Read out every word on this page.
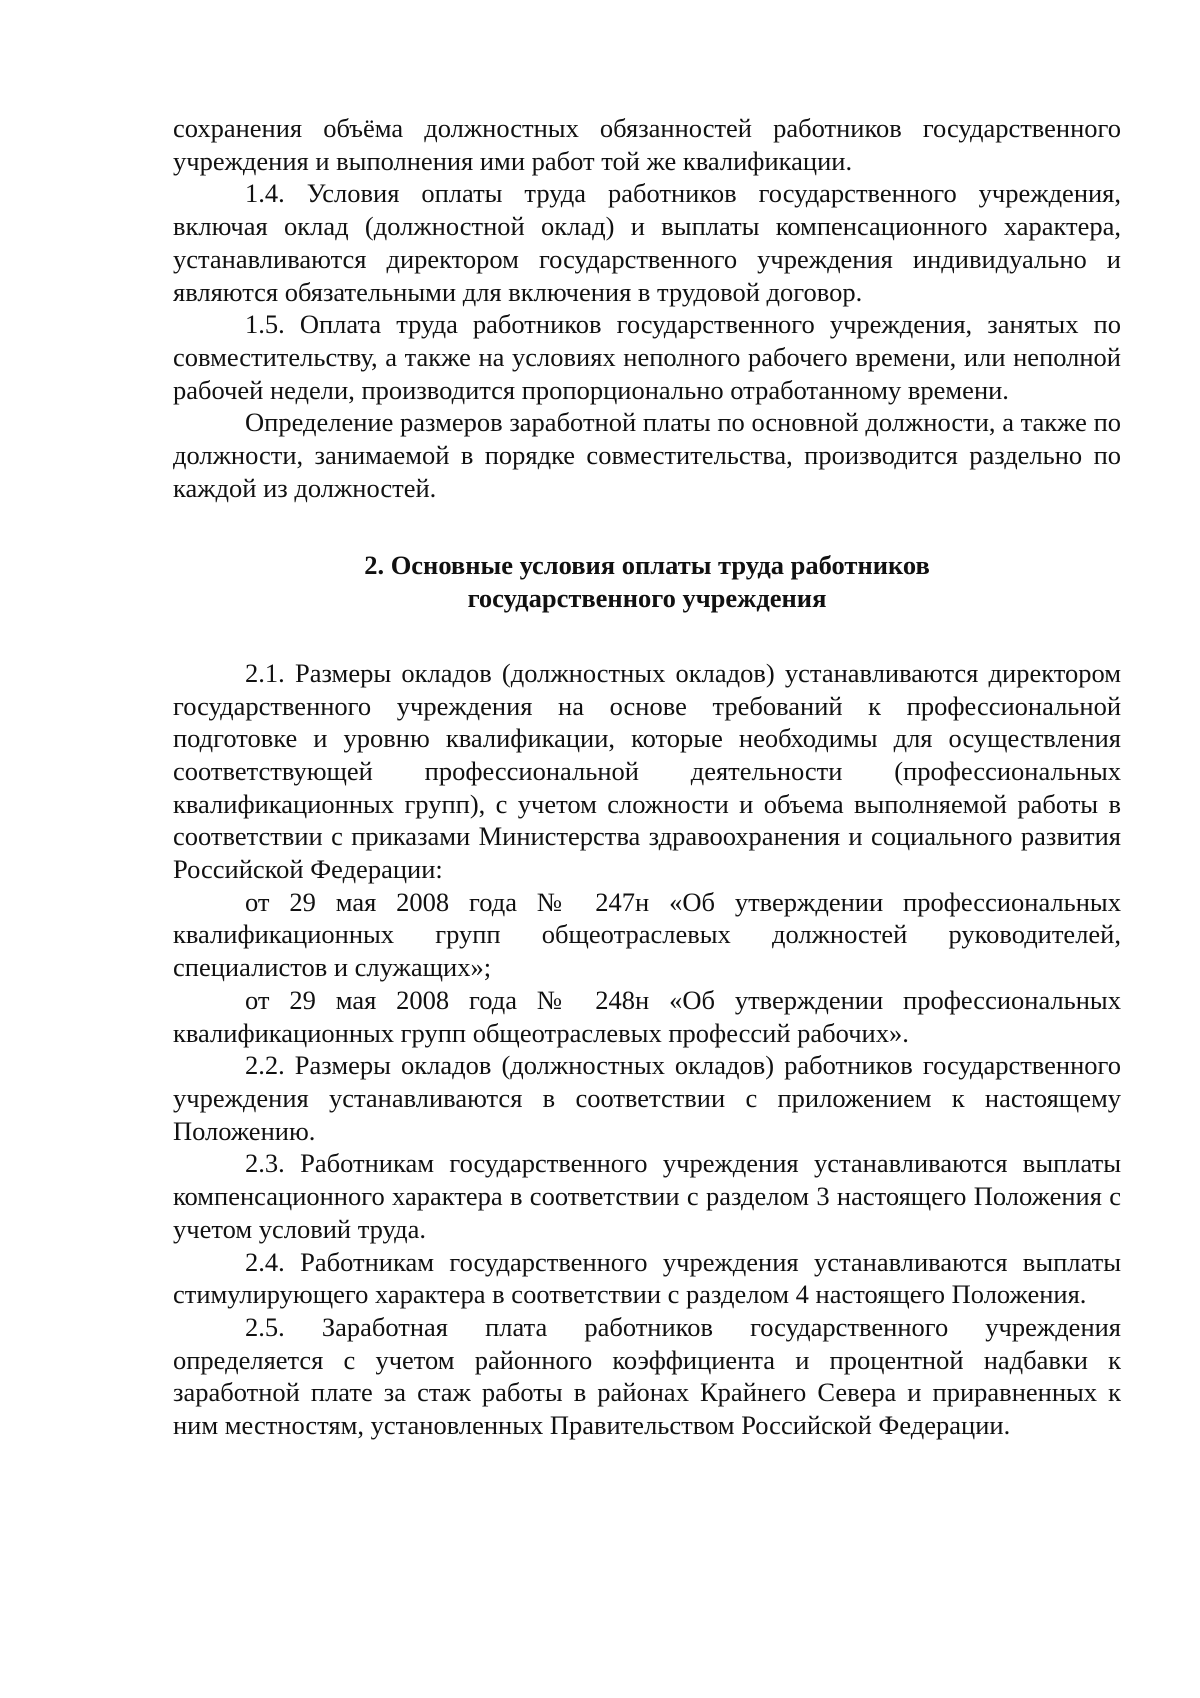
сохранения объёма должностных обязанностей работников государственного учреждения и выполнения ими работ той же квалификации.

1.4. Условия оплаты труда работников государственного учреждения, включая оклад (должностной оклад) и выплаты компенсационного характера, устанавливаются директором государственного учреждения индивидуально и являются обязательными для включения в трудовой договор.

1.5. Оплата труда работников государственного учреждения, занятых по совместительству, а также на условиях неполного рабочего времени, или неполной рабочей недели, производится пропорционально отработанному времени.

Определение размеров заработной платы по основной должности, а также по должности, занимаемой в порядке совместительства, производится раздельно по каждой из должностей.

2. Основные условия оплаты труда работников
государственного учреждения

2.1. Размеры окладов (должностных окладов) устанавливаются директором государственного учреждения на основе требований к профессиональной подготовке и уровню квалификации, которые необходимы для осуществления соответствующей профессиональной деятельности (профессиональных квалификационных групп), с учетом сложности и объема выполняемой работы в соответствии с приказами Министерства здравоохранения и социального развития Российской Федерации:

от 29 мая 2008 года № 247н «Об утверждении профессиональных квалификационных групп общеотраслевых должностей руководителей, специалистов и служащих»;

от 29 мая 2008 года № 248н «Об утверждении профессиональных квалификационных групп общеотраслевых профессий рабочих».

2.2. Размеры окладов (должностных окладов) работников государственного учреждения устанавливаются в соответствии с приложением к настоящему Положению.

2.3. Работникам государственного учреждения устанавливаются выплаты компенсационного характера в соответствии с разделом 3 настоящего Положения с учетом условий труда.

2.4. Работникам государственного учреждения устанавливаются выплаты стимулирующего характера в соответствии с разделом 4 настоящего Положения.

2.5. Заработная плата работников государственного учреждения определяется с учетом районного коэффициента и процентной надбавки к заработной плате за стаж работы в районах Крайнего Севера и приравненных к ним местностям, установленных Правительством Российской Федерации.
